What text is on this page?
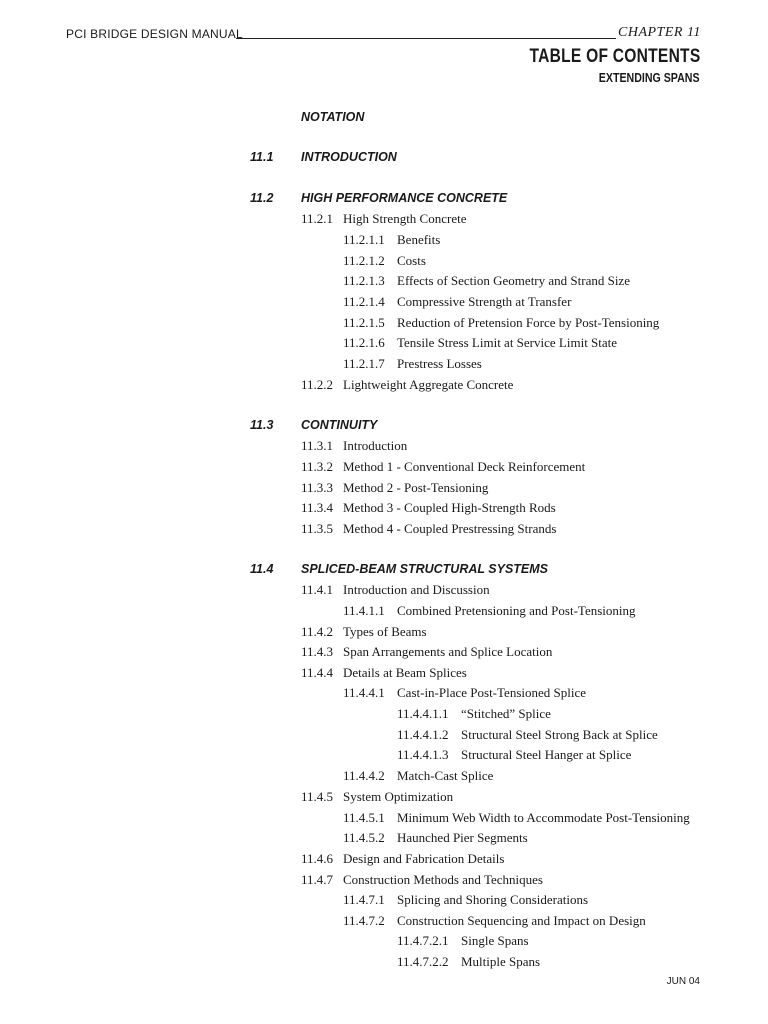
PCI BRIDGE DESIGN MANUAL	CHAPTER 11
TABLE OF CONTENTS
EXTENDING SPANS
NOTATION
11.1 INTRODUCTION
11.2 HIGH PERFORMANCE CONCRETE
11.2.1 High Strength Concrete
11.2.1.1 Benefits
11.2.1.2 Costs
11.2.1.3 Effects of Section Geometry and Strand Size
11.2.1.4 Compressive Strength at Transfer
11.2.1.5 Reduction of Pretension Force by Post-Tensioning
11.2.1.6 Tensile Stress Limit at Service Limit State
11.2.1.7 Prestress Losses
11.2.2 Lightweight Aggregate Concrete
11.3 CONTINUITY
11.3.1 Introduction
11.3.2 Method 1 - Conventional Deck Reinforcement
11.3.3 Method 2 - Post-Tensioning
11.3.4 Method 3 - Coupled High-Strength Rods
11.3.5 Method 4 - Coupled Prestressing Strands
11.4 SPLICED-BEAM STRUCTURAL SYSTEMS
11.4.1 Introduction and Discussion
11.4.1.1 Combined Pretensioning and Post-Tensioning
11.4.2 Types of Beams
11.4.3 Span Arrangements and Splice Location
11.4.4 Details at Beam Splices
11.4.4.1 Cast-in-Place Post-Tensioned Splice
11.4.4.1.1 “Stitched” Splice
11.4.4.1.2 Structural Steel Strong Back at Splice
11.4.4.1.3 Structural Steel Hanger at Splice
11.4.4.2 Match-Cast Splice
11.4.5 System Optimization
11.4.5.1 Minimum Web Width to Accommodate Post-Tensioning
11.4.5.2 Haunched Pier Segments
11.4.6 Design and Fabrication Details
11.4.7 Construction Methods and Techniques
11.4.7.1 Splicing and Shoring Considerations
11.4.7.2 Construction Sequencing and Impact on Design
11.4.7.2.1 Single Spans
11.4.7.2.2 Multiple Spans
JUN 04
